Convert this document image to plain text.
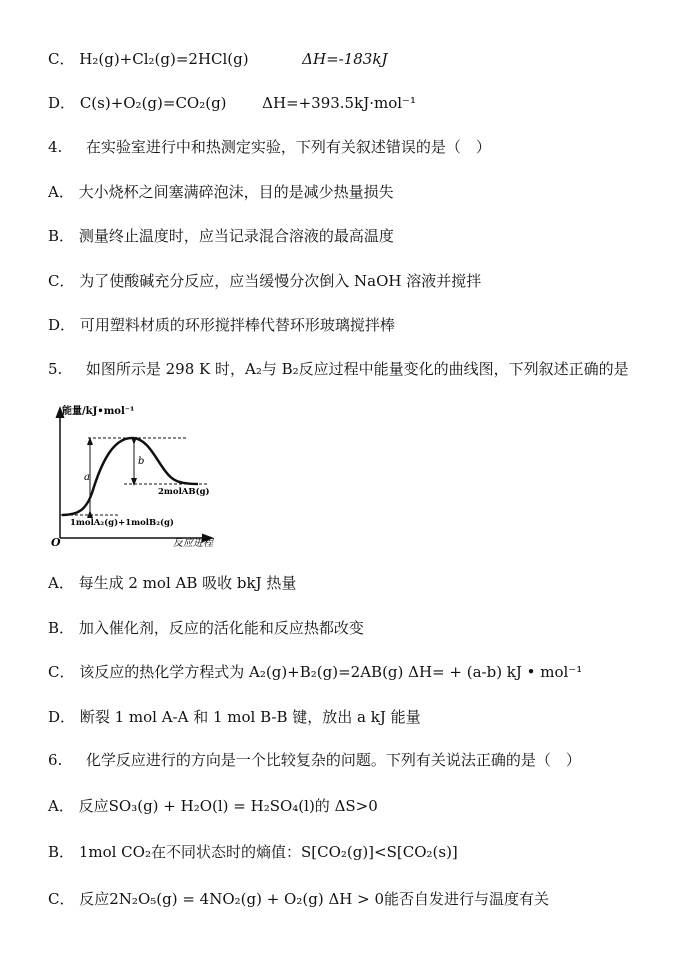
C． H₂(g)+Cl₂(g)=2HCl(g)	ΔH=-183kJ
D． C(s)+O₂(g)=CO₂(g) ΔH=+393.5kJ·mol⁻¹
4. 在实验室进行中和热测定实验，下列有关叙述错误的是（　）
A． 大小烧杯之间塞满碎泡沫，目的是减少热量损失
B． 测量终止温度时，应当记录混合溶液的最高温度
C． 为了使酸碱充分反应，应当缓慢分次倒入 NaOH 溶液并搅拌
D． 可用塑料材质的环形搅拌棒代替环形玻璃搅拌棒
5. 如图所示是 298 K 时，A₂与 B₂反应过程中能量变化的曲线图，下列叙述正确的是
能量/kJ•mol⁻¹
反应进程
O
a
b
2molAB(g)
1molA₂(g)+1molB₂(g)
A． 每生成 2 mol AB 吸收 bkJ 热量
B． 加入催化剂，反应的活化能和反应热都改变
C． 该反应的热化学方程式为 A₂(g)+B₂(g)=2AB(g) ΔH= + (a-b) kJ • mol⁻¹
D． 断裂 1 mol A-A 和 1 mol B-B 键，放出 a kJ 能量
6. 化学反应进行的方向是一个比较复杂的问题。下列有关说法正确的是（　）
A． 反应SO₃(g) + H₂O(l) = H₂SO₄(l)的 ΔS>0
B． 1mol CO₂在不同状态时的熵值：S[CO₂(g)]<S[CO₂(s)]
C． 反应2N₂O₅(g) = 4NO₂(g) + O₂(g) ΔH > 0能否自发进行与温度有关
